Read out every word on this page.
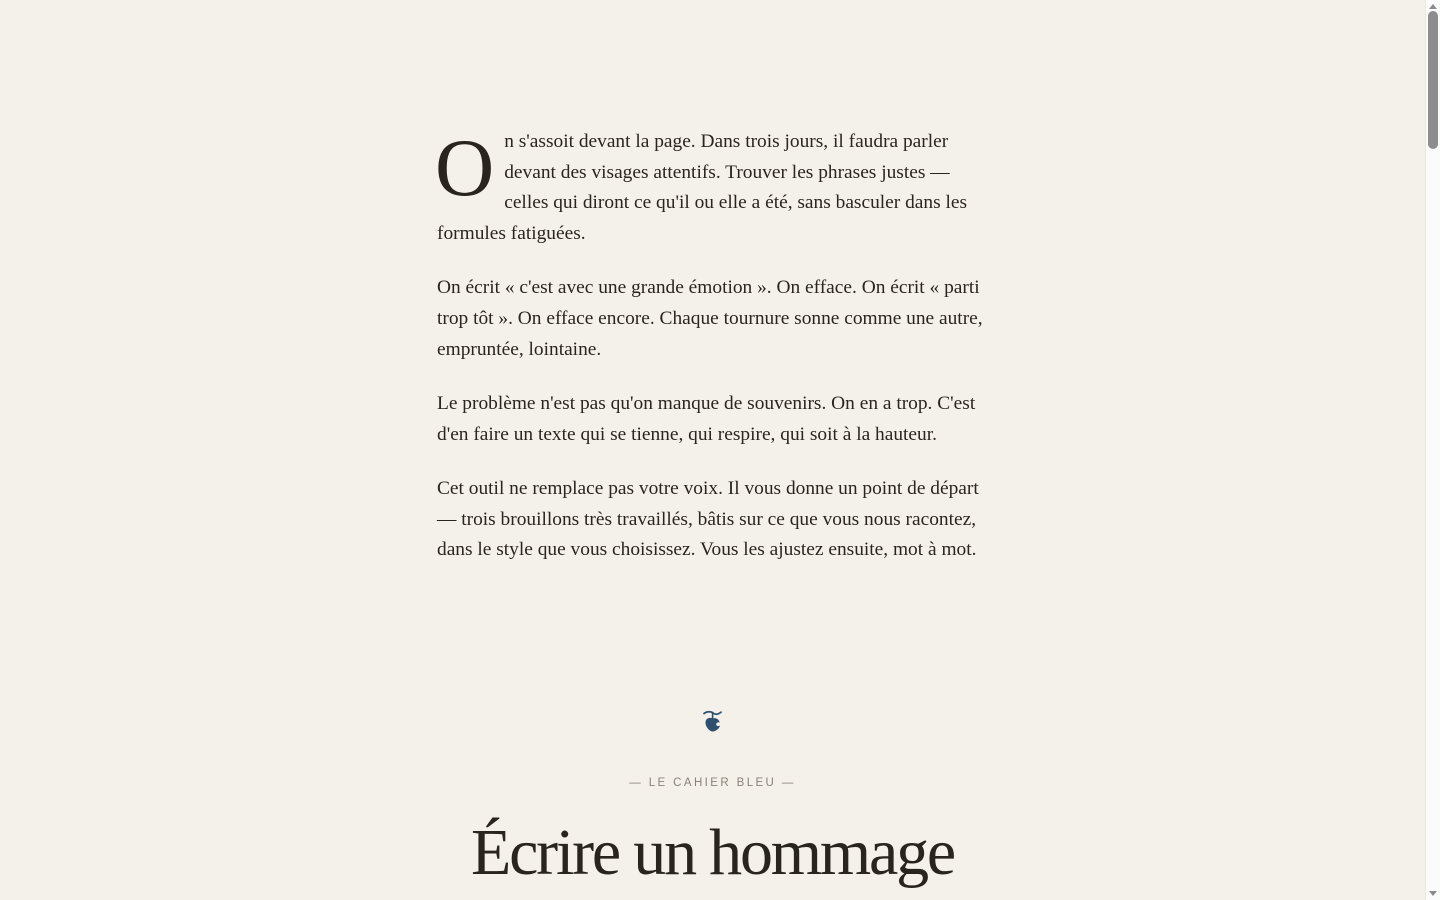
On s'assoit devant la page. Dans trois jours, il faudra parler devant des visages attentifs. Trouver les phrases justes — celles qui diront ce qu'il ou elle a été, sans basculer dans les formules fatiguées.

On écrit « c'est avec une grande émotion ». On efface. On écrit « parti trop tôt ». On efface encore. Chaque tournure sonne comme une autre, empruntée, lointaine.

Le problème n'est pas qu'on manque de souvenirs. On en a trop. C'est d'en faire un texte qui se tienne, qui respire, qui soit à la hauteur.

Cet outil ne remplace pas votre voix. Il vous donne un point de départ — trois brouillons très travaillés, bâtis sur ce que vous nous racontez, dans le style que vous choisissez. Vous les ajustez ensuite, mot à mot.

— LE CAHIER BLEU —
Écrire un hommage
